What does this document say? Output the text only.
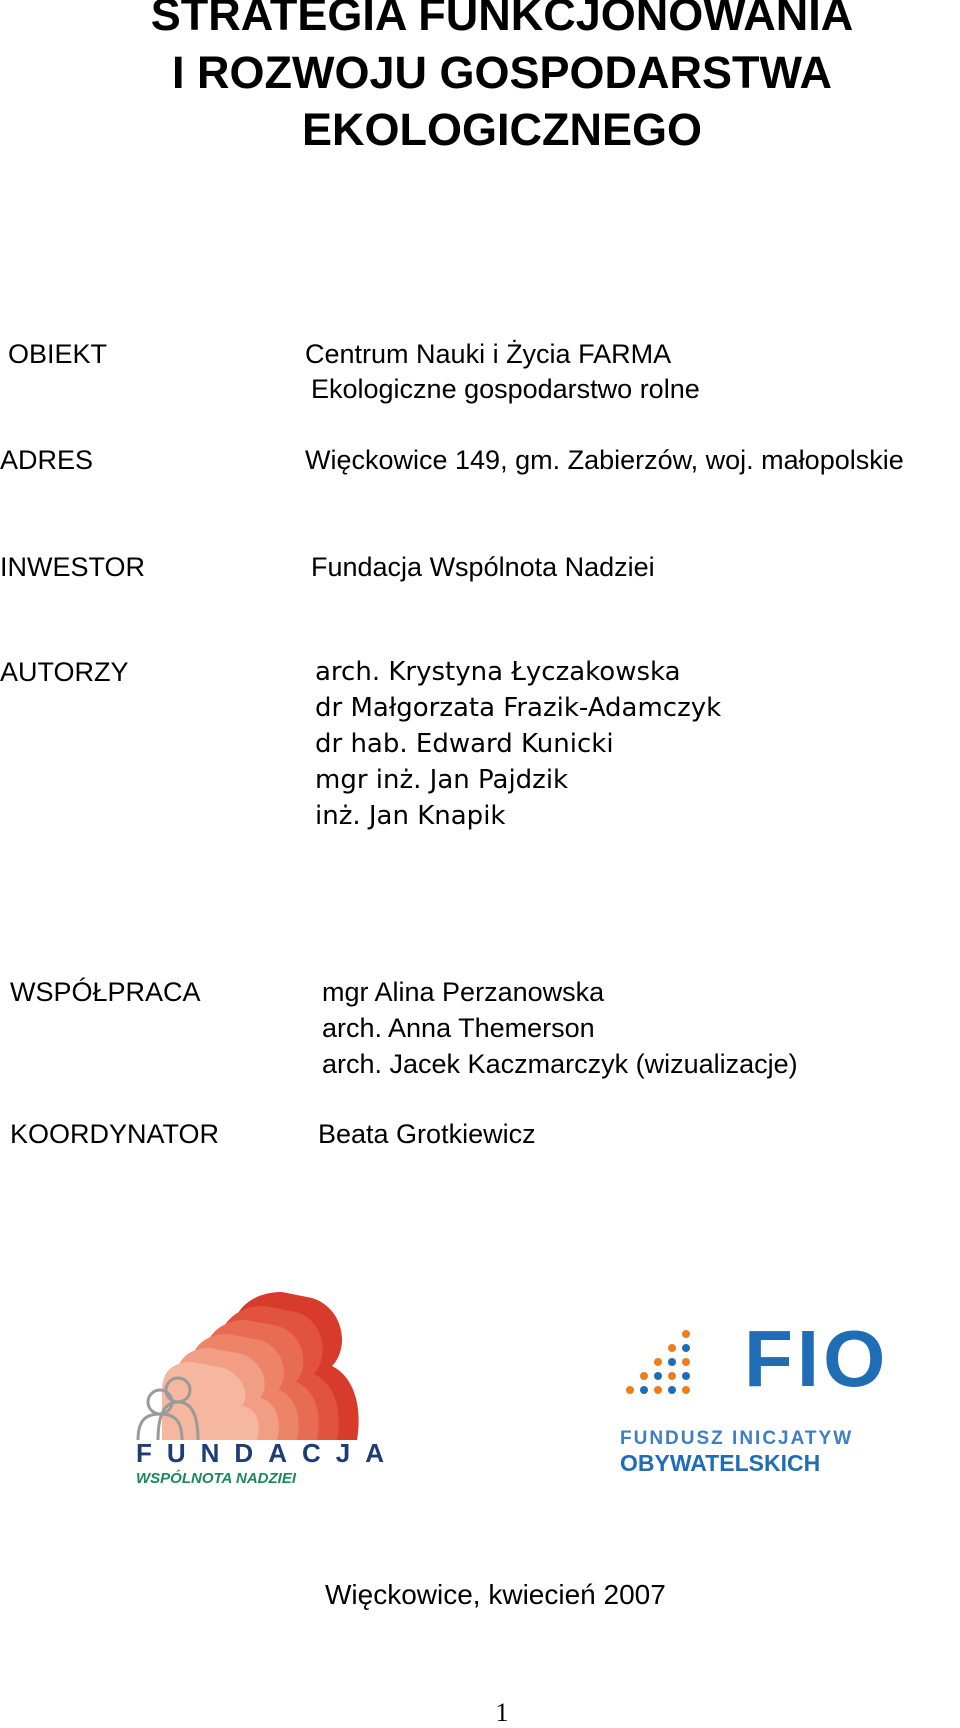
STRATEGIA FUNKCJONOWANIA
I ROZWOJU GOSPODARSTWA
EKOLOGICZNEGO
OBIEKT	Centrum Nauki i Życia FARMA
Ekologiczne gospodarstwo rolne
ADRES	Więckowice 149, gm. Zabierzów, woj. małopolskie
INWESTOR	Fundacja Wspólnota Nadziei
AUTORZY	arch. Krystyna Łyczakowska
dr Małgorzata Frazik-Adamczyk
dr hab. Edward Kunicki
mgr inż. Jan Pajdzik
inż. Jan Knapik
WSPÓŁPRACA	mgr Alina Perzanowska
arch. Anna Themerson
arch. Jacek Kaczmarczyk (wizualizacje)
KOORDYNATOR	Beata Grotkiewicz
FUNDACJA
WSPÓLNOTA NADZIEI
FIO
FUNDUSZ INICJATYW
OBYWATELSKICH
Więckowice, kwiecień 2007
1
